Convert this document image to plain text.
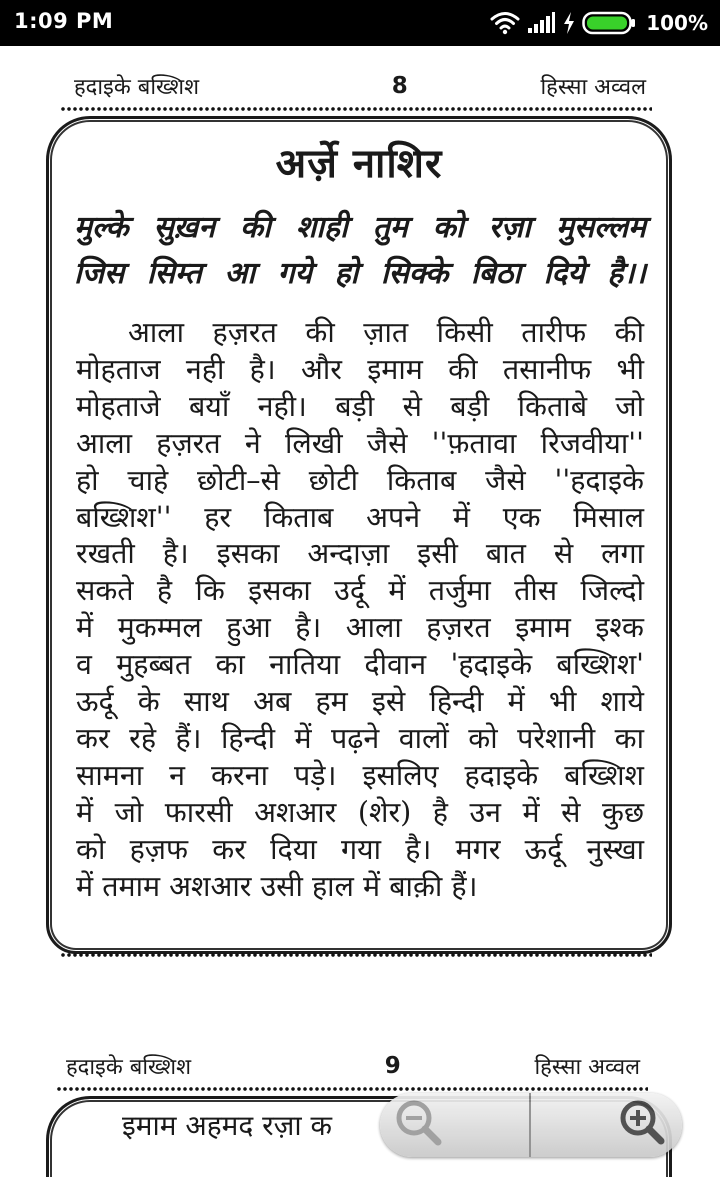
1:09 PM	100%
हदाइके बख्शिश	8	हिस्सा अव्वल
अर्ज़े नाशिर
मुल्के सुख़न की शाही तुम को रज़ा मुसल्लम
जिस सिम्त आ गये हो सिक्के बिठा दिये है।।
आला हज़रत की ज़ात किसी तारीफ की
मोहताज नही है। और इमाम की तसानीफ भी
मोहताजे बयाँ नही। बड़ी से बड़ी किताबे जो
आला हज़रत ने लिखी जैसे ''फ़तावा रिजवीया''
हो चाहे छोटी–से छोटी किताब जैसे ''हदाइके
बख्शिश'' हर किताब अपने में एक मिसाल
रखती है। इसका अन्दाज़ा इसी बात से लगा
सकते है कि इसका उर्दू में तर्जुमा तीस जिल्दो
में मुकम्मल हुआ है। आला हज़रत इमाम इश्क
व मुहब्बत का नातिया दीवान 'हदाइके बख्शिश'
ऊर्दू के साथ अब हम इसे हिन्दी में भी शाये
कर रहे हैं। हिन्दी में पढ़ने वालों को परेशानी का
सामना न करना पड़े। इसलिए हदाइके बख्शिश
में जो फारसी अशआर (शेर) है उन में से कुछ
को हज़फ कर दिया गया है। मगर ऊर्दू नुस्खा
में तमाम अशआर उसी हाल में बाक़ी हैं।
हदाइके बख्शिश	9	हिस्सा अव्वल
इमाम अहमद रज़ा क
